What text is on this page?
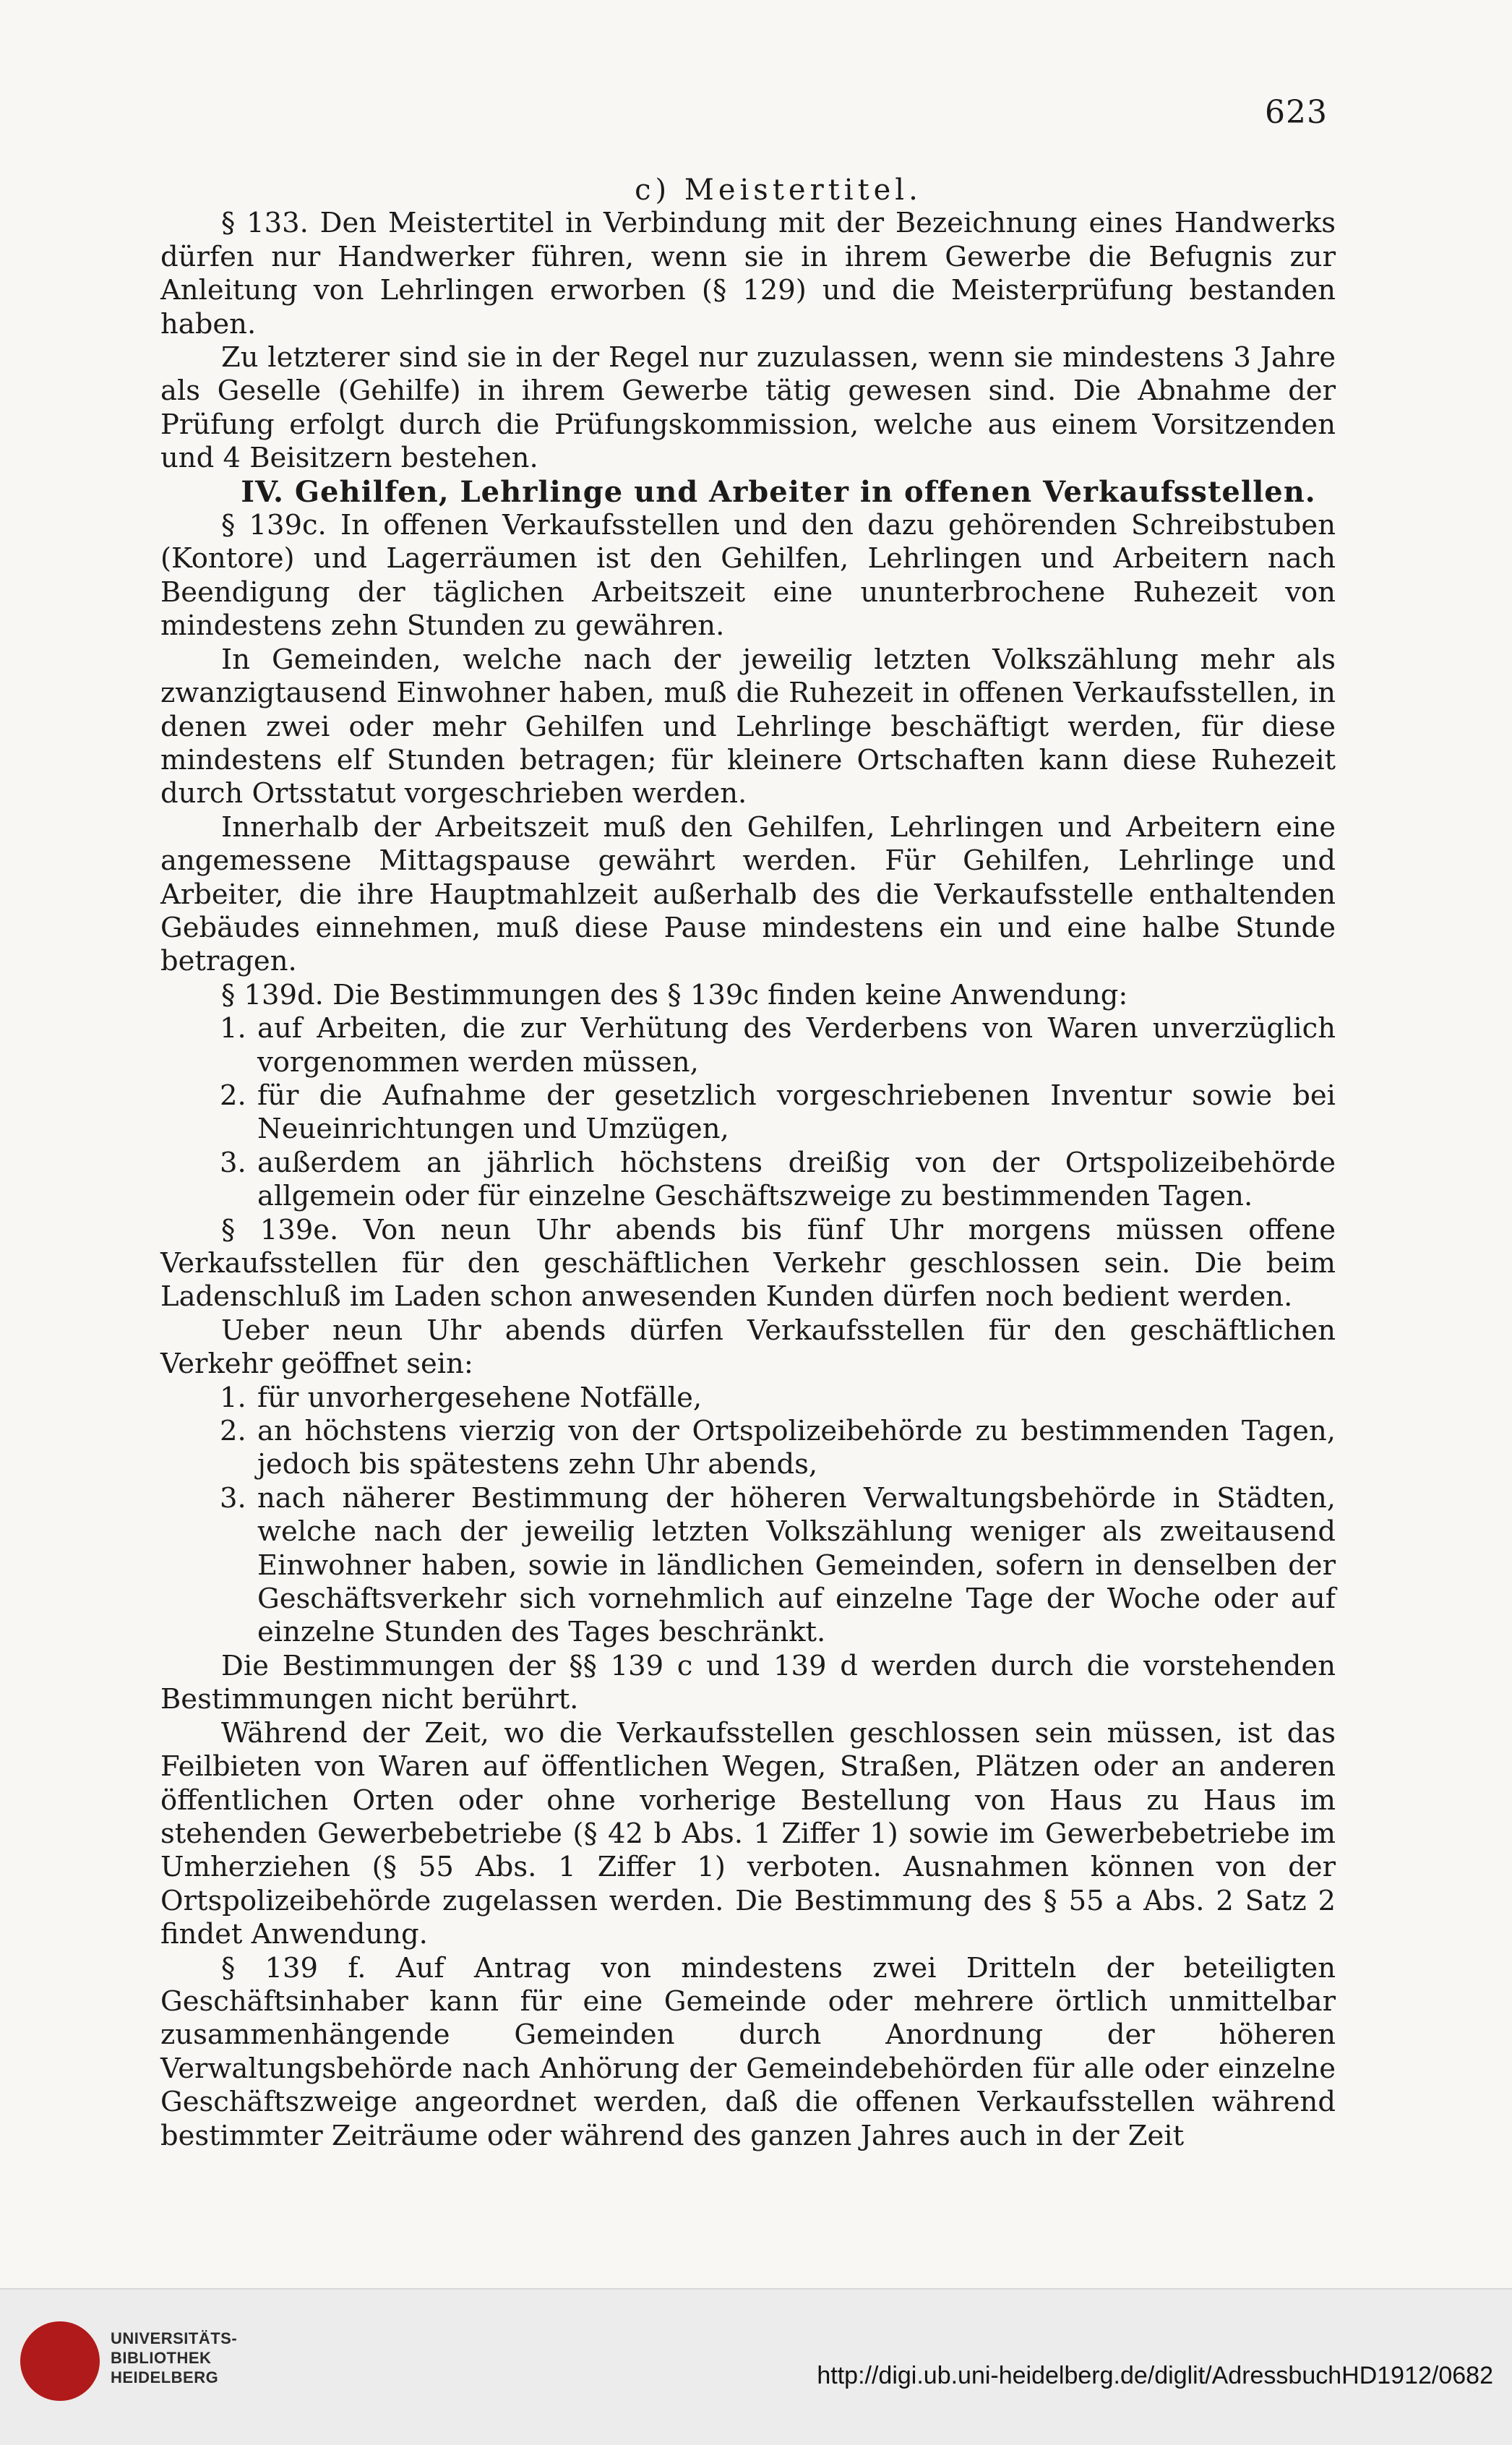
623

c) Meistertitel.

§ 133. Den Meistertitel in Verbindung mit der Bezeichnung eines Handwerks dürfen nur Handwerker führen, wenn sie in ihrem Gewerbe die Befugnis zur Anleitung von Lehrlingen erworben (§ 129) und die Meisterprüfung bestanden haben.

Zu letzterer sind sie in der Regel nur zuzulassen, wenn sie mindestens 3 Jahre als Geselle (Gehilfe) in ihrem Gewerbe tätig gewesen sind. Die Abnahme der Prüfung erfolgt durch die Prüfungskommission, welche aus einem Vorsitzenden und 4 Beisitzern bestehen.

IV. Gehilfen, Lehrlinge und Arbeiter in offenen Verkaufsstellen.

§ 139c. In offenen Verkaufsstellen und den dazu gehörenden Schreibstuben (Kontore) und Lagerräumen ist den Gehilfen, Lehrlingen und Arbeitern nach Beendigung der täglichen Arbeitszeit eine ununterbrochene Ruhezeit von mindestens zehn Stunden zu gewähren.

In Gemeinden, welche nach der jeweilig letzten Volkszählung mehr als zwanzigtausend Einwohner haben, muß die Ruhezeit in offenen Verkaufsstellen, in denen zwei oder mehr Gehilfen und Lehrlinge beschäftigt werden, für diese mindestens elf Stunden betragen; für kleinere Ortschaften kann diese Ruhezeit durch Ortsstatut vorgeschrieben werden.

Innerhalb der Arbeitszeit muß den Gehilfen, Lehrlingen und Arbeitern eine angemessene Mittagspause gewährt werden. Für Gehilfen, Lehrlinge und Arbeiter, die ihre Hauptmahlzeit außerhalb des die Verkaufsstelle enthaltenden Gebäudes einnehmen, muß diese Pause mindestens ein und eine halbe Stunde betragen.

§ 139d. Die Bestimmungen des § 139c finden keine Anwendung:

1. auf Arbeiten, die zur Verhütung des Verderbens von Waren unverzüglich vorgenommen werden müssen,
2. für die Aufnahme der gesetzlich vorgeschriebenen Inventur sowie bei Neueinrichtungen und Umzügen,
3. außerdem an jährlich höchstens dreißig von der Ortspolizeibehörde allgemein oder für einzelne Geschäftszweige zu bestimmenden Tagen.

§ 139e. Von neun Uhr abends bis fünf Uhr morgens müssen offene Verkaufsstellen für den geschäftlichen Verkehr geschlossen sein. Die beim Ladenschluß im Laden schon anwesenden Kunden dürfen noch bedient werden.

Ueber neun Uhr abends dürfen Verkaufsstellen für den geschäftlichen Verkehr geöffnet sein:

1. für unvorhergesehene Notfälle,
2. an höchstens vierzig von der Ortspolizeibehörde zu bestimmenden Tagen, jedoch bis spätestens zehn Uhr abends,
3. nach näherer Bestimmung der höheren Verwaltungsbehörde in Städten, welche nach der jeweilig letzten Volkszählung weniger als zweitausend Einwohner haben, sowie in ländlichen Gemeinden, sofern in denselben der Geschäftsverkehr sich vornehmlich auf einzelne Tage der Woche oder auf einzelne Stunden des Tages beschränkt.

Die Bestimmungen der §§ 139 c und 139 d werden durch die vorstehenden Bestimmungen nicht berührt.

Während der Zeit, wo die Verkaufsstellen geschlossen sein müssen, ist das Feilbieten von Waren auf öffentlichen Wegen, Straßen, Plätzen oder an anderen öffentlichen Orten oder ohne vorherige Bestellung von Haus zu Haus im stehenden Gewerbebetriebe (§ 42 b Abs. 1 Ziffer 1) sowie im Gewerbebetriebe im Umherziehen (§ 55 Abs. 1 Ziffer 1) verboten. Ausnahmen können von der Ortspolizeibehörde zugelassen werden. Die Bestimmung des § 55 a Abs. 2 Satz 2 findet Anwendung.

§ 139 f. Auf Antrag von mindestens zwei Dritteln der beteiligten Geschäftsinhaber kann für eine Gemeinde oder mehrere örtlich unmittelbar zusammenhängende Gemeinden durch Anordnung der höheren Verwaltungsbehörde nach Anhörung der Gemeindebehörden für alle oder einzelne Geschäftszweige angeordnet werden, daß die offenen Verkaufsstellen während bestimmter Zeiträume oder während des ganzen Jahres auch in der Zeit

UNIVERSITÄTS-
BIBLIOTHEK
HEIDELBERG	http://digi.ub.uni-heidelberg.de/diglit/AdressbuchHD1912/0682
